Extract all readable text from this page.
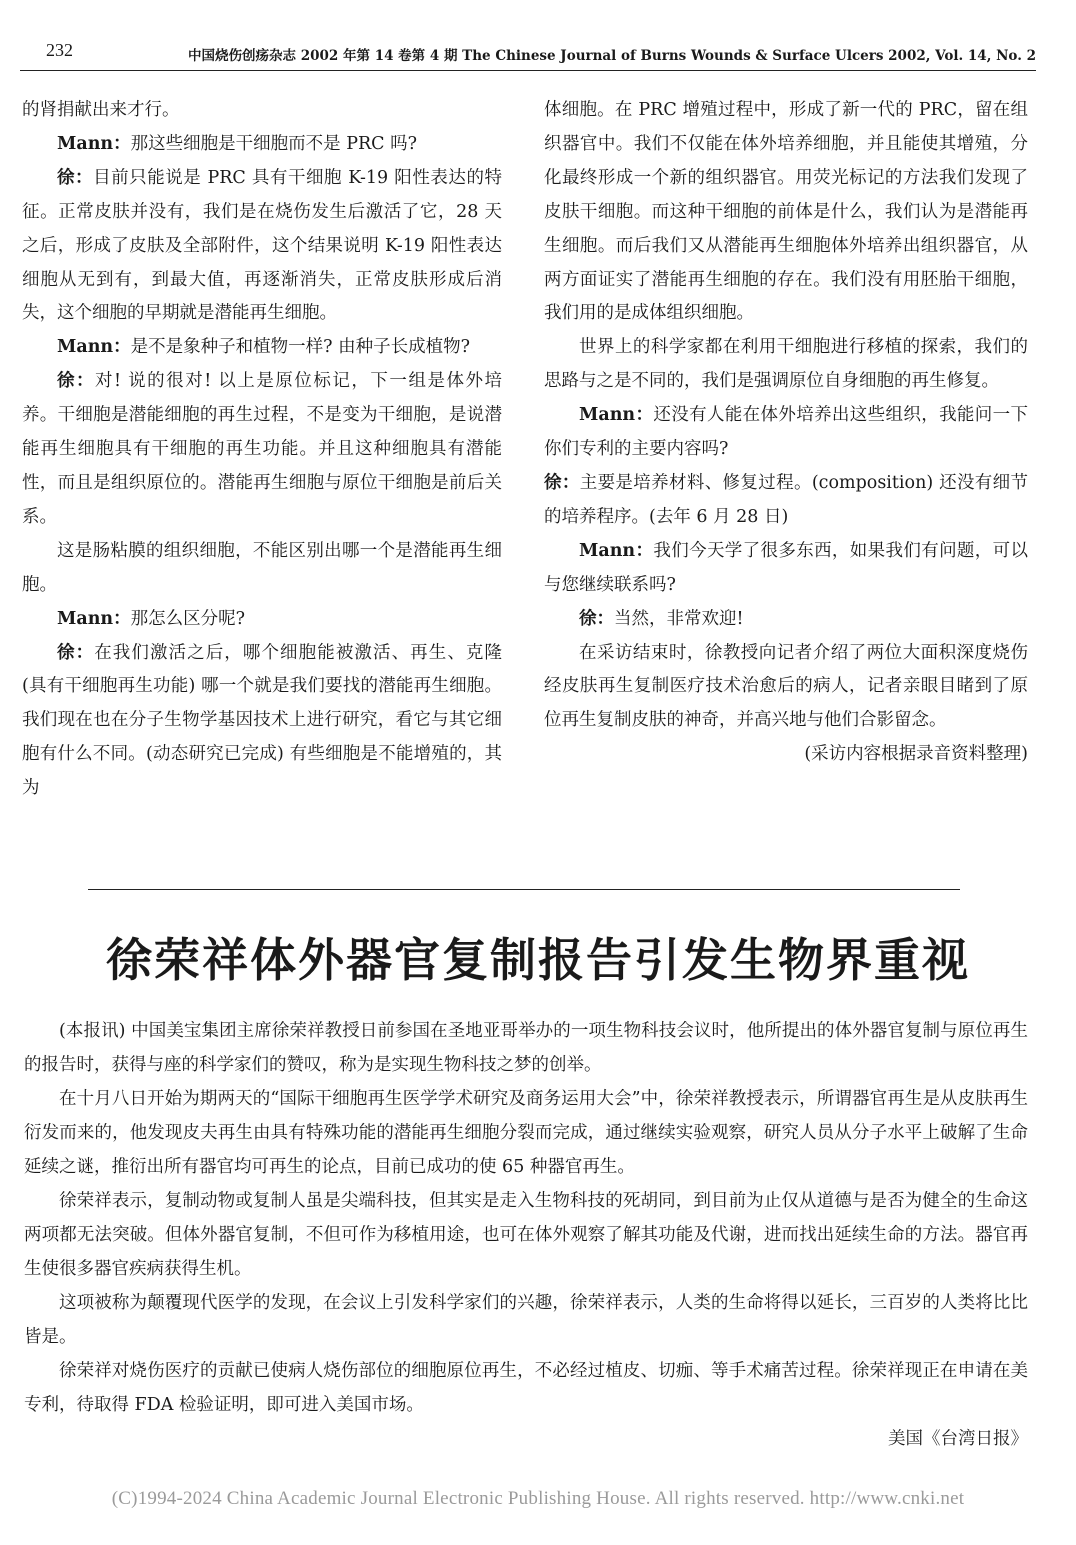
232	中国烧伤创疡杂志 2002 年第 14 卷第 4 期 The Chinese Journal of Burns Wounds & Surface Ulcers 2002, Vol. 14, No. 2

的肾捐献出来才行。

Mann：那这些细胞是干细胞而不是 PRC 吗?

徐：目前只能说是 PRC 具有干细胞 K-19 阳性表达的特征。正常皮肤并没有，我们是在烧伤发生后激活了它，28 天之后，形成了皮肤及全部附件，这个结果说明 K-19 阳性表达细胞从无到有，到最大值，再逐渐消失，正常皮肤形成后消失，这个细胞的早期就是潜能再生细胞。

Mann：是不是象种子和植物一样? 由种子长成植物?

徐：对! 说的很对! 以上是原位标记，下一组是体外培养。干细胞是潜能细胞的再生过程，不是变为干细胞，是说潜能再生细胞具有干细胞的再生功能。并且这种细胞具有潜能性，而且是组织原位的。潜能再生细胞与原位干细胞是前后关系。

这是肠粘膜的组织细胞，不能区别出哪一个是潜能再生细胞。

Mann：那怎么区分呢?

徐：在我们激活之后，哪个细胞能被激活、再生、克隆 (具有干细胞再生功能) 哪一个就是我们要找的潜能再生细胞。我们现在也在分子生物学基因技术上进行研究，看它与其它细胞有什么不同。(动态研究已完成) 有些细胞是不能增殖的，其为

体细胞。在 PRC 增殖过程中，形成了新一代的 PRC，留在组织器官中。我们不仅能在体外培养细胞，并且能使其增殖，分化最终形成一个新的组织器官。用荧光标记的方法我们发现了皮肤干细胞。而这种干细胞的前体是什么，我们认为是潜能再生细胞。而后我们又从潜能再生细胞体外培养出组织器官，从两方面证实了潜能再生细胞的存在。我们没有用胚胎干细胞，我们用的是成体组织细胞。

世界上的科学家都在利用干细胞进行移植的探索，我们的思路与之是不同的，我们是强调原位自身细胞的再生修复。

Mann：还没有人能在体外培养出这些组织，我能问一下你们专利的主要内容吗?

徐：主要是培养材料、修复过程。(composition) 还没有细节的培养程序。(去年 6 月 28 日)

Mann：我们今天学了很多东西，如果我们有问题，可以与您继续联系吗?

徐：当然，非常欢迎!

在采访结束时，徐教授向记者介绍了两位大面积深度烧伤经皮肤再生复制医疗技术治愈后的病人，记者亲眼目睹到了原位再生复制皮肤的神奇，并高兴地与他们合影留念。

(采访内容根据录音资料整理)

徐荣祥体外器官复制报告引发生物界重视

(本报讯) 中国美宝集团主席徐荣祥教授日前参国在圣地亚哥举办的一项生物科技会议时，他所提出的体外器官复制与原位再生的报告时，获得与座的科学家们的赞叹，称为是实现生物科技之梦的创举。

在十月八日开始为期两天的“国际干细胞再生医学学术研究及商务运用大会”中，徐荣祥教授表示，所谓器官再生是从皮肤再生衍发而来的，他发现皮夫再生由具有特殊功能的潜能再生细胞分裂而完成，通过继续实验观察，研究人员从分子水平上破解了生命延续之谜，推衍出所有器官均可再生的论点，目前已成功的使 65 种器官再生。

徐荣祥表示，复制动物或复制人虽是尖端科技，但其实是走入生物科技的死胡同，到目前为止仅从道德与是否为健全的生命这两项都无法突破。但体外器官复制，不但可作为移植用途，也可在体外观察了解其功能及代谢，进而找出延续生命的方法。器官再生使很多器官疾病获得生机。

这项被称为颠覆现代医学的发现，在会议上引发科学家们的兴趣，徐荣祥表示，人类的生命将得以延长，三百岁的人类将比比皆是。

徐荣祥对烧伤医疗的贡献已使病人烧伤部位的细胞原位再生，不必经过植皮、切痂、等手术痛苦过程。徐荣祥现正在申请在美专利，待取得 FDA 检验证明，即可进入美国市场。

美国《台湾日报》

(C)1994-2024 China Academic Journal Electronic Publishing House. All rights reserved. http://www.cnki.net
